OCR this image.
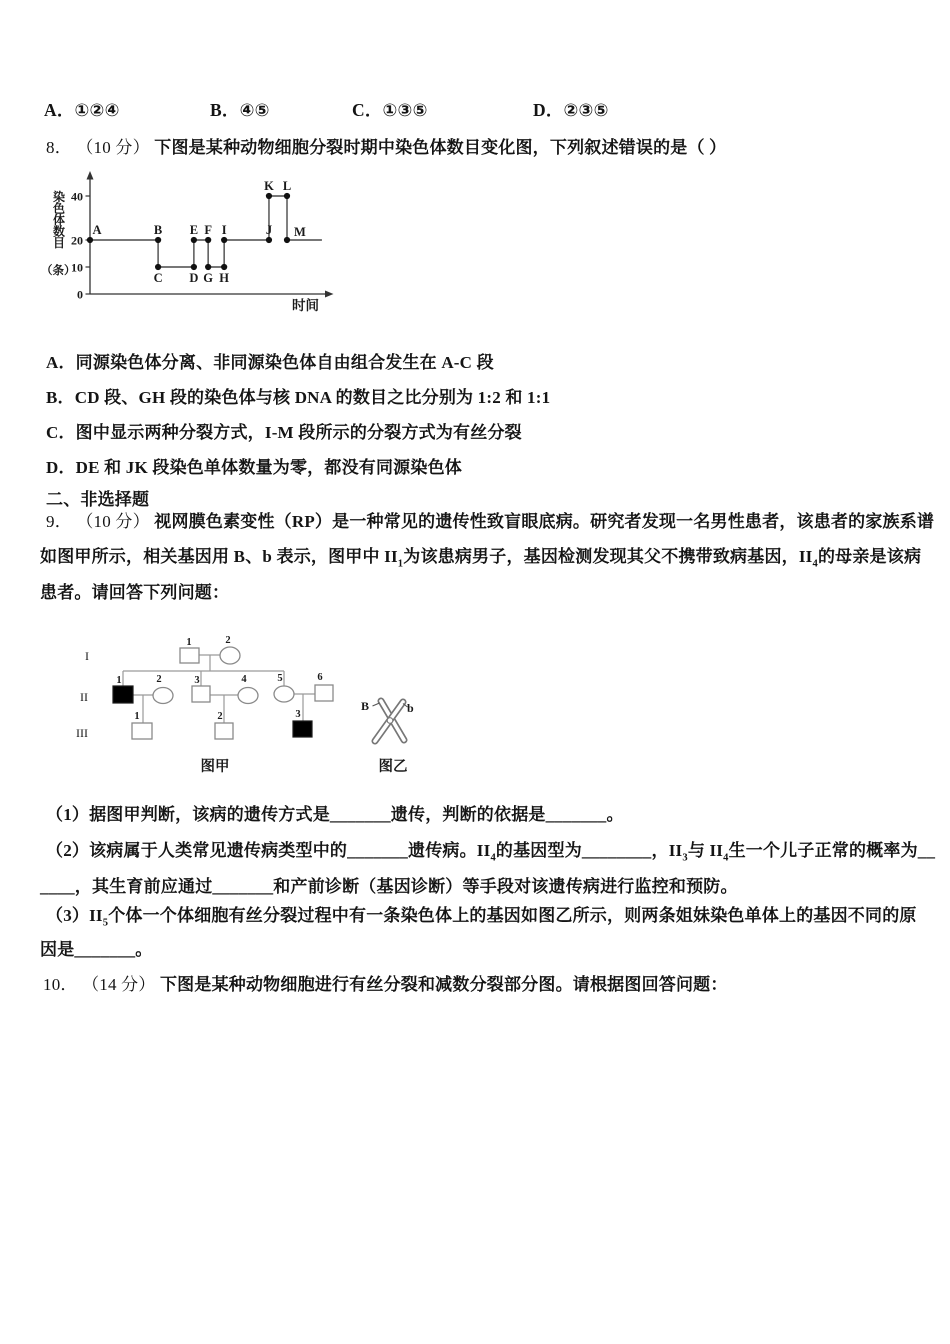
A．①②④	B．④⑤	C．①③⑤	D．②③⑤
8． （10 分） 下图是某种动物细胞分裂时期中染色体数目变化图，下列叙述错误的是（ ）
0
10
20
40
A	B
C D
E F
G H
I	J
K L
M
时间
染
色
体
数
目
（条）
A．同源染色体分离、非同源染色体自由组合发生在 A-C 段
B．CD 段、GH 段的染色体与核 DNA 的数目之比分别为 1:2 和 1:1
C．图中显示两种分裂方式，I-M 段所示的分裂方式为有丝分裂
D．DE 和 JK 段染色单体数量为零，都没有同源染色体
二、非选择题
9． （10 分） 视网膜色素变性（RP）是一种常见的遗传性致盲眼底病。研究者发现一名男性患者，该患者的家族系谱
如图甲所示，相关基因用 B、b 表示，图甲中 $II_1$为该患病男子，基因检测发现其父不携带致病基因，$II_4$的母亲是该病
患者。请回答下列问题：
1	2
1	2	3	4	5	6
1	2	3
I
II
III
B	b
图甲	图乙
（1）据图甲判断，该病的遗传方式是_______遗传，判断的依据是_______。
（2）该病属于人类常见遗传病类型中的_______遗传病。$II_4$的基因型为________，$II_3$与 $II_4$生一个儿子正常的概率为__
____，其生育前应通过_______和产前诊断（基因诊断）等手段对该遗传病进行监控和预防。
$(3)II_5$个体一个体细胞有丝分裂过程中有一条染色体上的基因如图乙所示，则两条姐妹染色单体上的基因不同的原
因是_______。
10． （14 分） 下图是某种动物细胞进行有丝分裂和减数分裂部分图。请根据图回答问题：
